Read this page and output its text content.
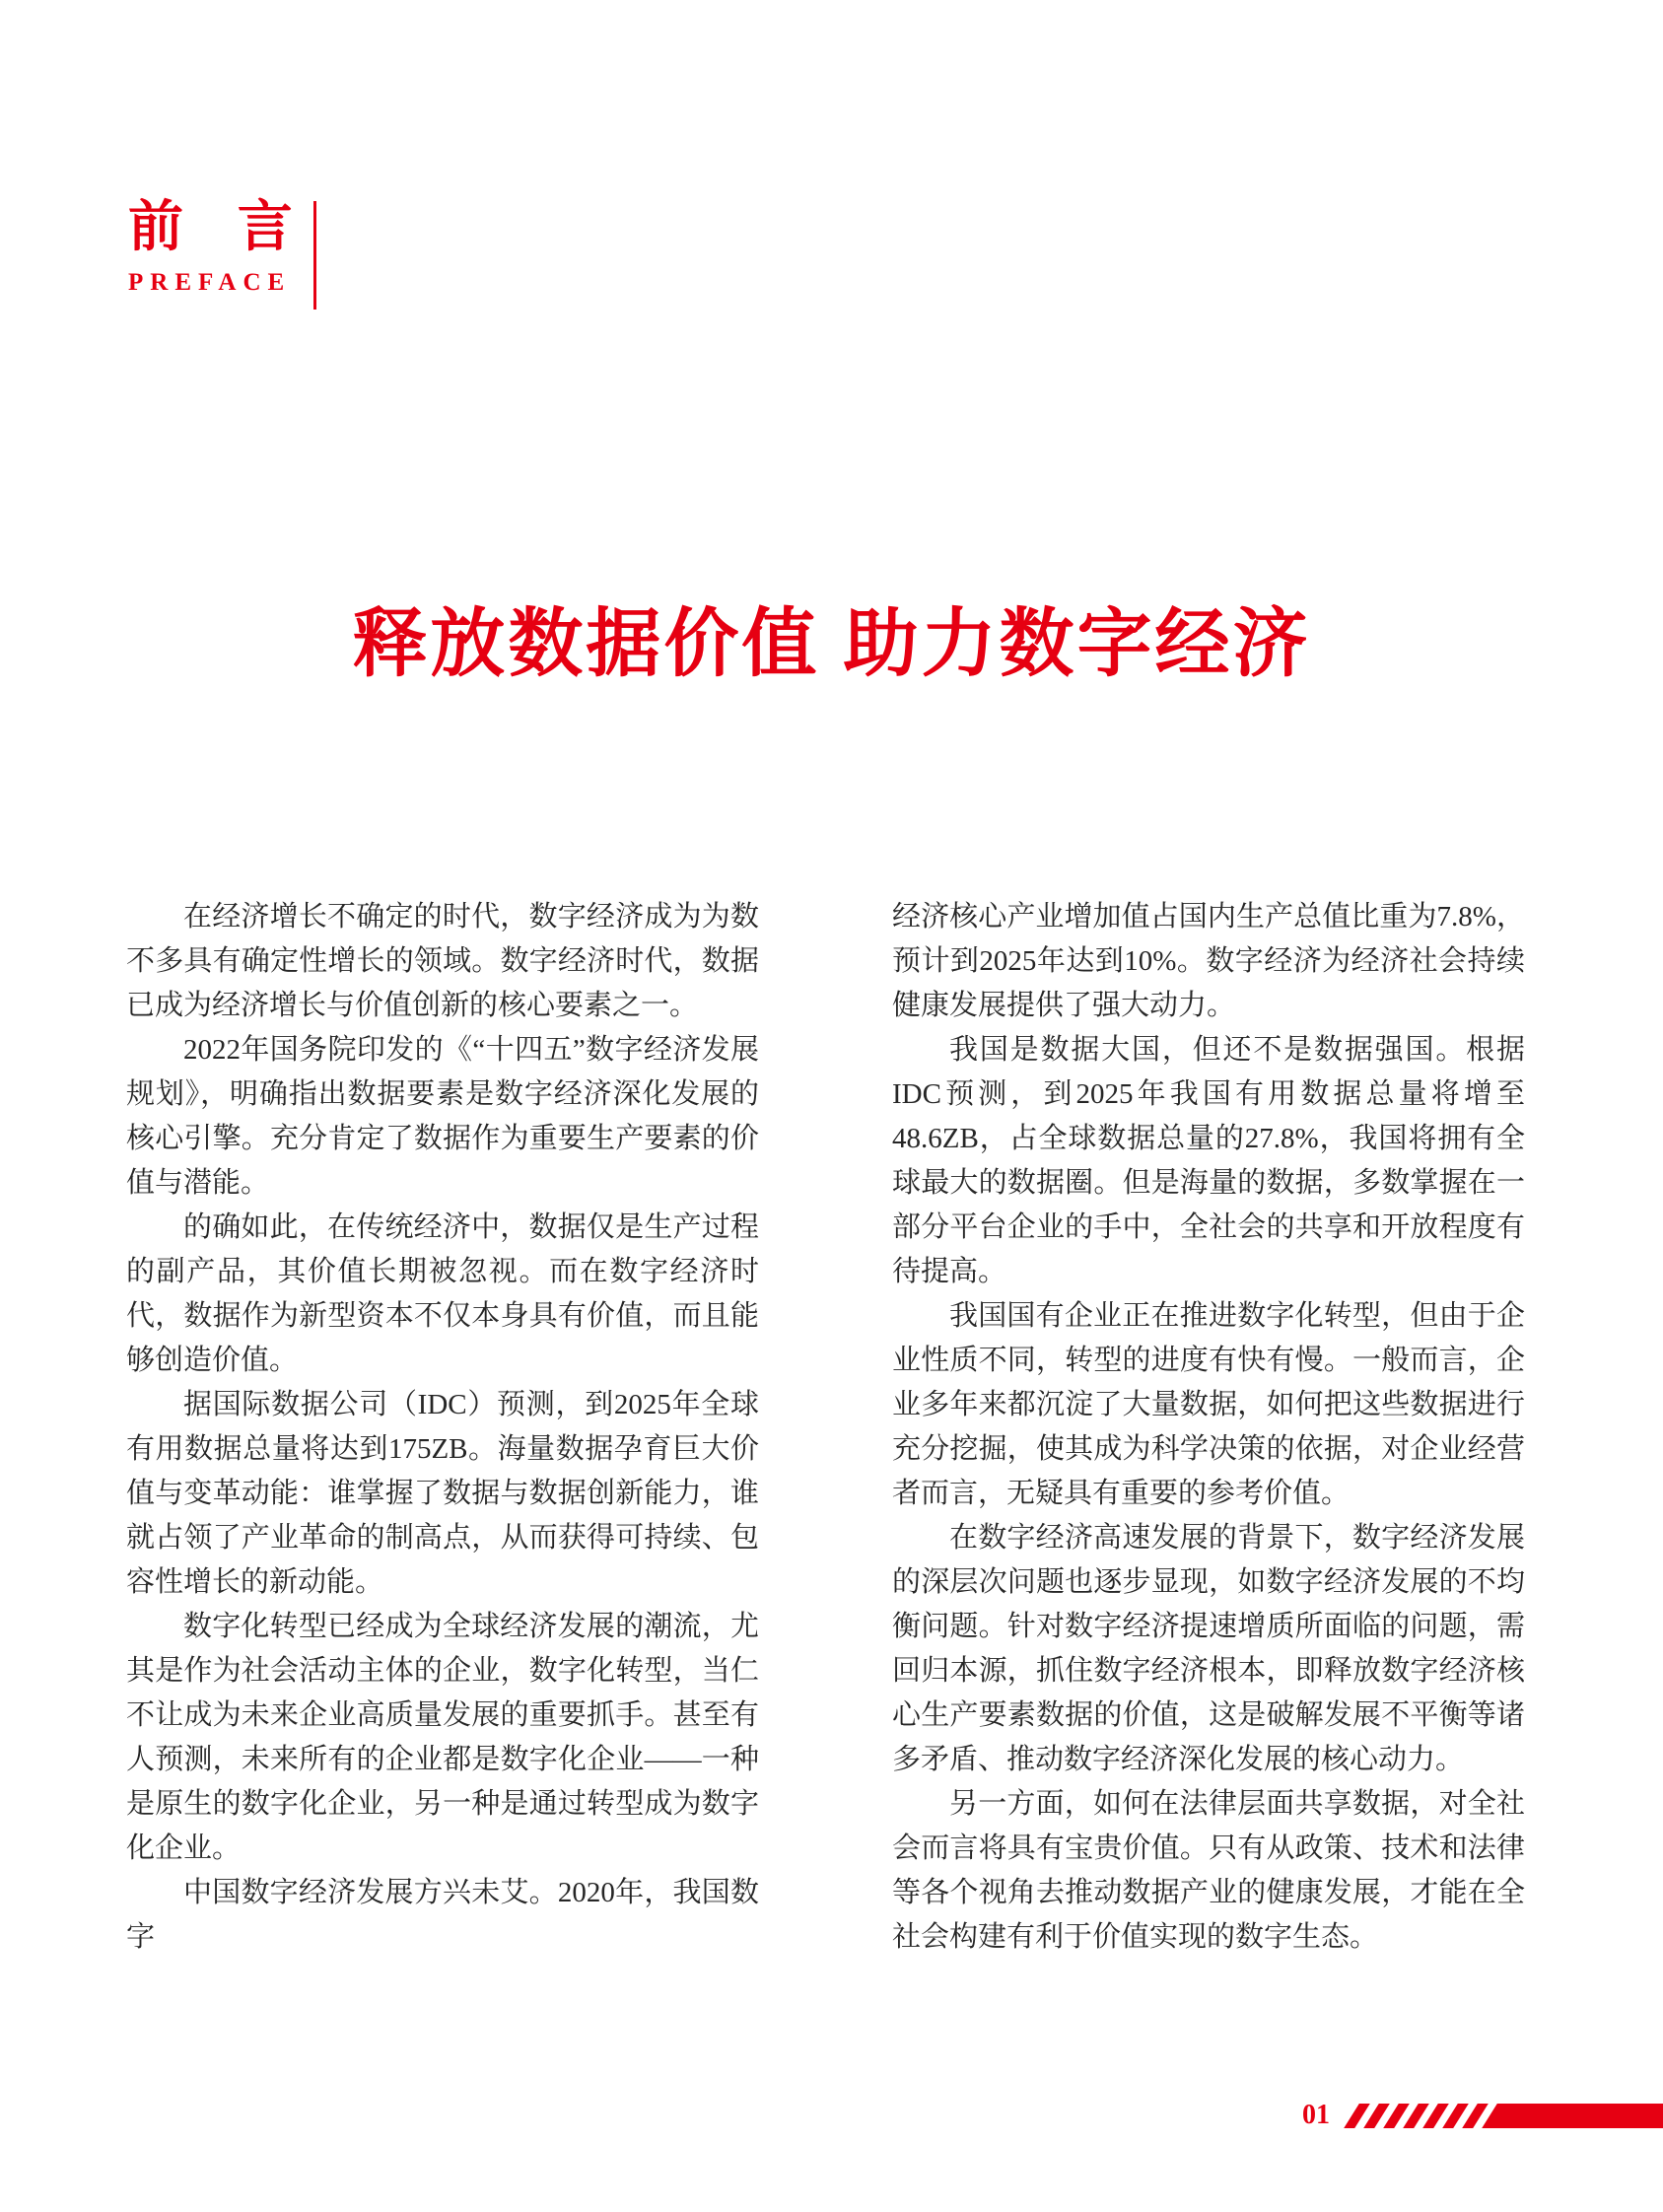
前 言
PREFACE
释放数据价值 助力数字经济

在经济增长不确定的时代，数字经济成为为数不多具有确定性增长的领域。数字经济时代，数据已成为经济增长与价值创新的核心要素之一。

2022年国务院印发的《“十四五”数字经济发展规划》，明确指出数据要素是数字经济深化发展的核心引擎。充分肯定了数据作为重要生产要素的价值与潜能。

的确如此，在传统经济中，数据仅是生产过程的副产品，其价值长期被忽视。而在数字经济时代，数据作为新型资本不仅本身具有价值，而且能够创造价值。

据国际数据公司（IDC）预测，到2025年全球有用数据总量将达到175ZB。海量数据孕育巨大价值与变革动能：谁掌握了数据与数据创新能力，谁就占领了产业革命的制高点，从而获得可持续、包容性增长的新动能。

数字化转型已经成为全球经济发展的潮流，尤其是作为社会活动主体的企业，数字化转型，当仁不让成为未来企业高质量发展的重要抓手。甚至有人预测，未来所有的企业都是数字化企业——一种是原生的数字化企业，另一种是通过转型成为数字化企业。

中国数字经济发展方兴未艾。2020年，我国数字

经济核心产业增加值占国内生产总值比重为7.8%，预计到2025年达到10%。数字经济为经济社会持续健康发展提供了强大动力。

我国是数据大国，但还不是数据强国。根据IDC预测，到2025年我国有用数据总量将增至48.6ZB，占全球数据总量的27.8%，我国将拥有全球最大的数据圈。但是海量的数据，多数掌握在一部分平台企业的手中，全社会的共享和开放程度有待提高。

我国国有企业正在推进数字化转型，但由于企业性质不同，转型的进度有快有慢。一般而言，企业多年来都沉淀了大量数据，如何把这些数据进行充分挖掘，使其成为科学决策的依据，对企业经营者而言，无疑具有重要的参考价值。

在数字经济高速发展的背景下，数字经济发展的深层次问题也逐步显现，如数字经济发展的不均衡问题。针对数字经济提速增质所面临的问题，需回归本源，抓住数字经济根本，即释放数字经济核心生产要素数据的价值，这是破解发展不平衡等诸多矛盾、推动数字经济深化发展的核心动力。

另一方面，如何在法律层面共享数据，对全社会而言将具有宝贵价值。只有从政策、技术和法律等各个视角去推动数据产业的健康发展，才能在全社会构建有利于价值实现的数字生态。

01
